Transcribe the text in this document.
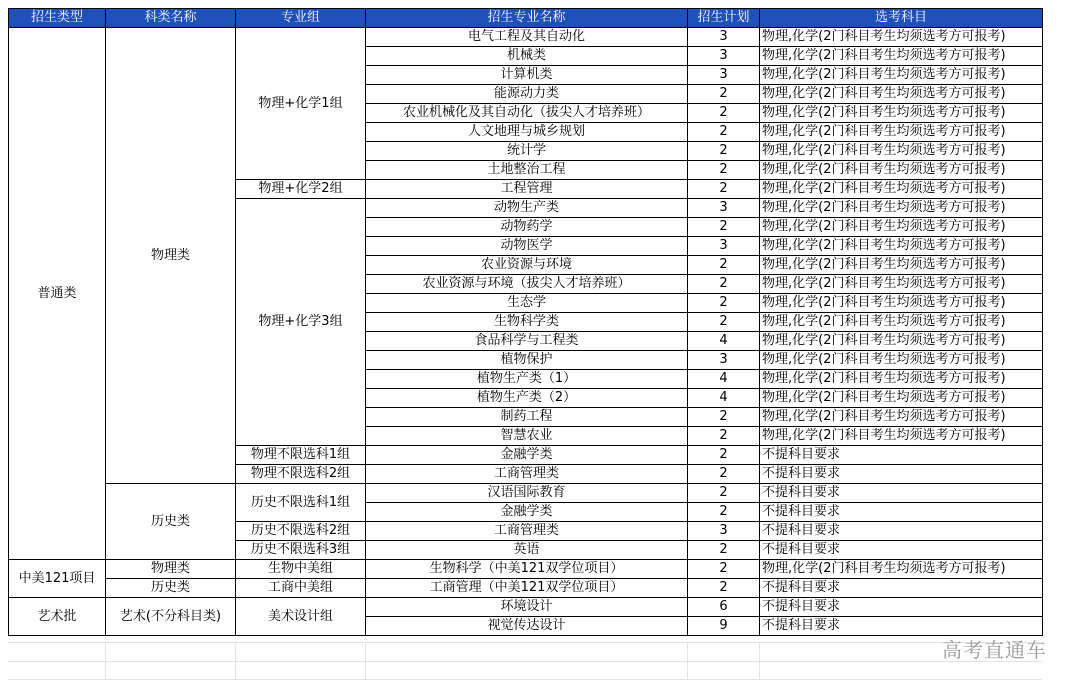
招生类型	科类名称	专业组	招生专业名称	招生计划	选考科目
普通类	物理类	物理+化学1组	电气工程及其自动化	3	物理,化学(2门科目考生均须选考方可报考)
			机械类	3	物理,化学(2门科目考生均须选考方可报考)
			计算机类	3	物理,化学(2门科目考生均须选考方可报考)
			能源动力类	2	物理,化学(2门科目考生均须选考方可报考)
			农业机械化及其自动化（拔尖人才培养班）	2	物理,化学(2门科目考生均须选考方可报考)
			人文地理与城乡规划	2	物理,化学(2门科目考生均须选考方可报考)
			统计学	2	物理,化学(2门科目考生均须选考方可报考)
			土地整治工程	2	物理,化学(2门科目考生均须选考方可报考)
		物理+化学2组	工程管理	2	物理,化学(2门科目考生均须选考方可报考)
		物理+化学3组	动物生产类	3	物理,化学(2门科目考生均须选考方可报考)
			动物药学	2	物理,化学(2门科目考生均须选考方可报考)
			动物医学	3	物理,化学(2门科目考生均须选考方可报考)
			农业资源与环境	2	物理,化学(2门科目考生均须选考方可报考)
			农业资源与环境（拔尖人才培养班）	2	物理,化学(2门科目考生均须选考方可报考)
			生态学	2	物理,化学(2门科目考生均须选考方可报考)
			生物科学类	2	物理,化学(2门科目考生均须选考方可报考)
			食品科学与工程类	4	物理,化学(2门科目考生均须选考方可报考)
			植物保护	3	物理,化学(2门科目考生均须选考方可报考)
			植物生产类（1）	4	物理,化学(2门科目考生均须选考方可报考)
			植物生产类（2）	4	物理,化学(2门科目考生均须选考方可报考)
			制药工程	2	物理,化学(2门科目考生均须选考方可报考)
			智慧农业	2	物理,化学(2门科目考生均须选考方可报考)
		物理不限选科1组	金融学类	2	不提科目要求
		物理不限选科2组	工商管理类	2	不提科目要求
	历史类	历史不限选科1组	汉语国际教育	2	不提科目要求
			金融学类	2	不提科目要求
		历史不限选科2组	工商管理类	3	不提科目要求
		历史不限选科3组	英语	2	不提科目要求
中美121项目	物理类	生物中美组	生物科学（中美121双学位项目）	2	物理,化学(2门科目考生均须选考方可报考)
	历史类	工商中美组	工商管理（中美121双学位项目）	2	不提科目要求
艺术批	艺术(不分科目类)	美术设计组	环境设计	6	不提科目要求
			视觉传达设计	9	不提科目要求
高考直通车
